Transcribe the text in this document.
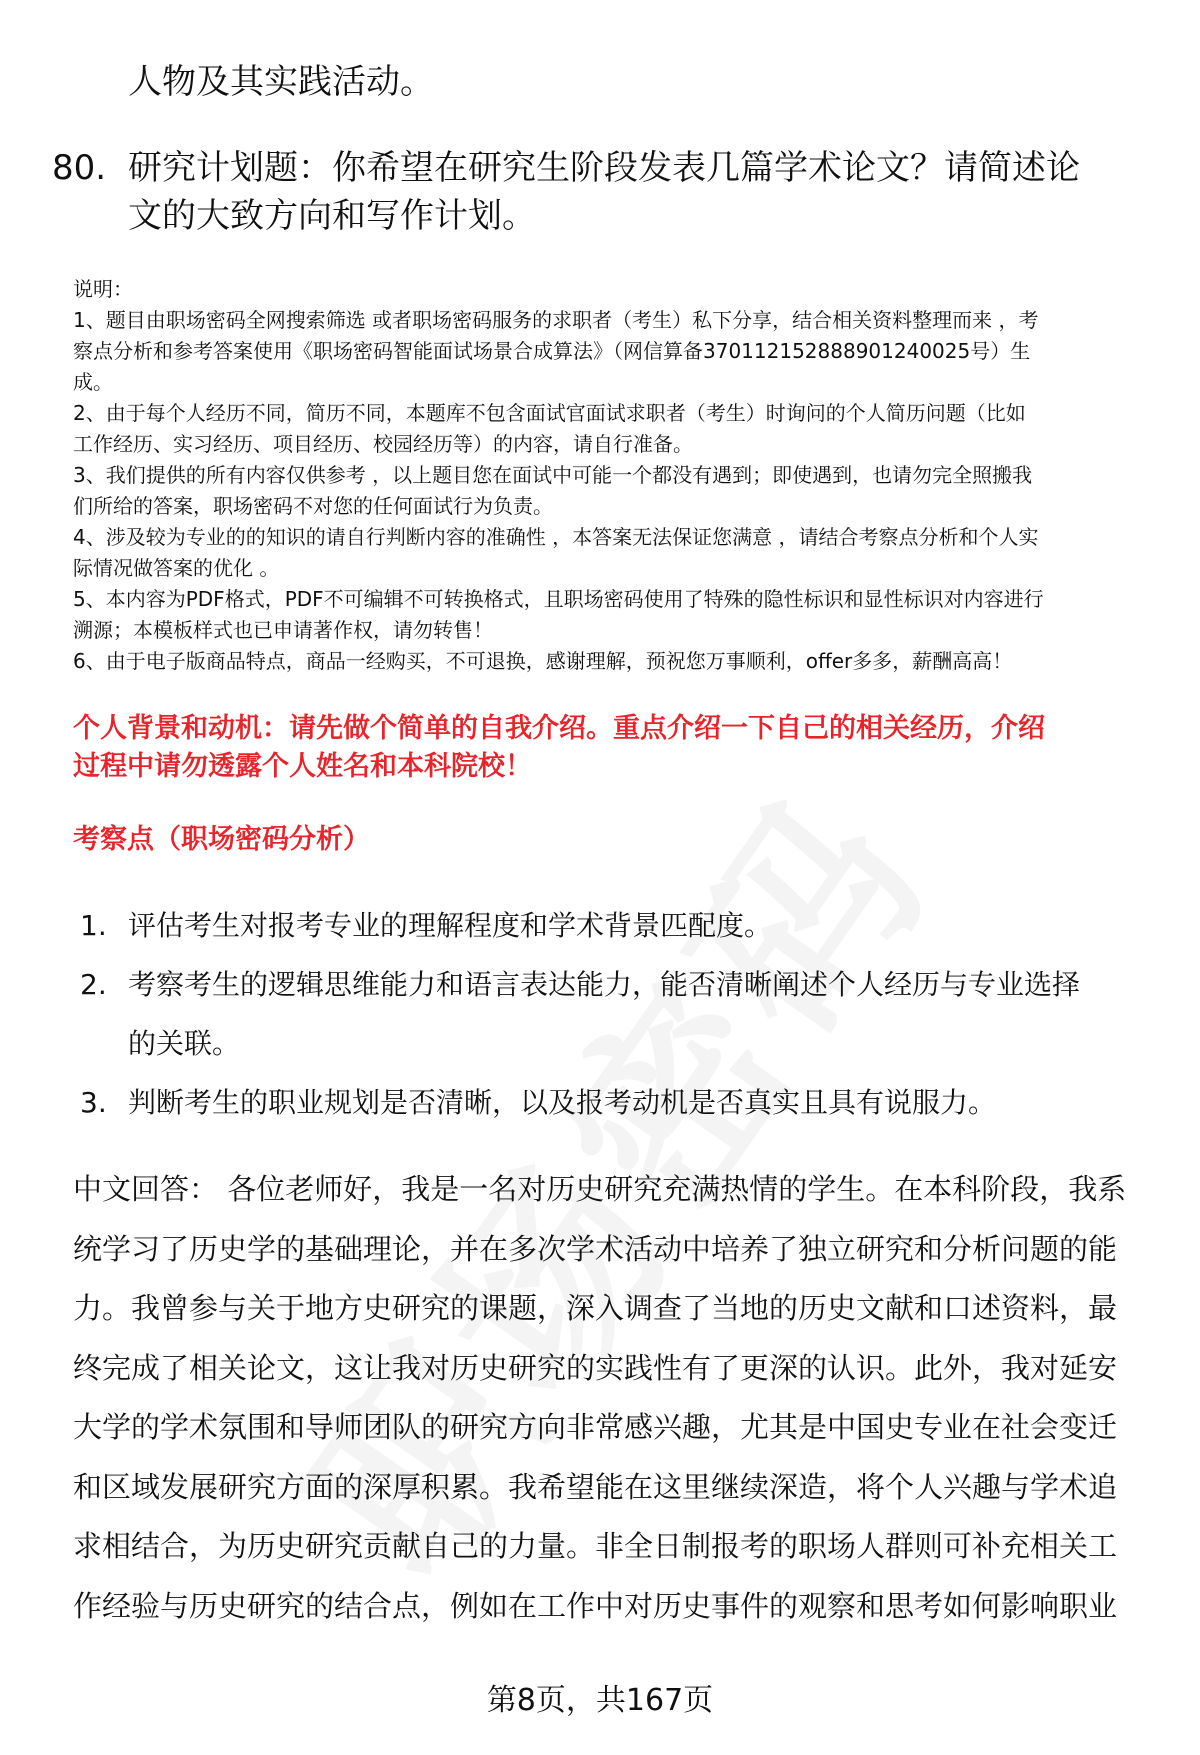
人物及其实践活动。
80. 研究计划题：你希望在研究生阶段发表几篇学术论文？请简述论
文的大致方向和写作计划。
说明：
1、题目由职场密码全网搜索筛选 或者职场密码服务的求职者（考生）私下分享，结合相关资料整理而来 ，考
察点分析和参考答案使用《职场密码智能面试场景合成算法》（网信算备370112152888901240025号）生
成。
2、由于每个人经历不同，简历不同，本题库不包含面试官面试求职者（考生）时询问的个人简历问题（比如
工作经历、实习经历、项目经历、校园经历等）的内容，请自行准备。
3、我们提供的所有内容仅供参考 ，以上题目您在面试中可能一个都没有遇到；即使遇到，也请勿完全照搬我
们所给的答案，职场密码不对您的任何面试行为负责。
4、涉及较为专业的的知识的请自行判断内容的准确性 ，本答案无法保证您满意 ，请结合考察点分析和个人实
际情况做答案的优化 。
5、本内容为PDF格式，PDF不可编辑不可转换格式，且职场密码使用了特殊的隐性标识和显性标识对内容进行
溯源；本模板样式也已申请著作权，请勿转售！
6、由于电子版商品特点，商品一经购买，不可退换，感谢理解，预祝您万事顺利，offer多多，薪酬高高！
个人背景和动机：请先做个简单的自我介绍。重点介绍一下自己的相关经历，介绍
过程中请勿透露个人姓名和本科院校！
考察点（职场密码分析）
1. 评估考生对报考专业的理解程度和学术背景匹配度。
2. 考察考生的逻辑思维能力和语言表达能力，能否清晰阐述个人经历与专业选择
的关联。
3. 判断考生的职业规划是否清晰，以及报考动机是否真实且具有说服力。
中文回答： 各位老师好，我是一名对历史研究充满热情的学生。在本科阶段，我系
统学习了历史学的基础理论，并在多次学术活动中培养了独立研究和分析问题的能
力。我曾参与关于地方史研究的课题，深入调查了当地的历史文献和口述资料，最
终完成了相关论文，这让我对历史研究的实践性有了更深的认识。此外，我对延安
大学的学术氛围和导师团队的研究方向非常感兴趣，尤其是中国史专业在社会变迁
和区域发展研究方面的深厚积累。我希望能在这里继续深造，将个人兴趣与学术追
求相结合，为历史研究贡献自己的力量。非全日制报考的职场人群则可补充相关工
作经验与历史研究的结合点，例如在工作中对历史事件的观察和思考如何影响职业
第8页，共167页
